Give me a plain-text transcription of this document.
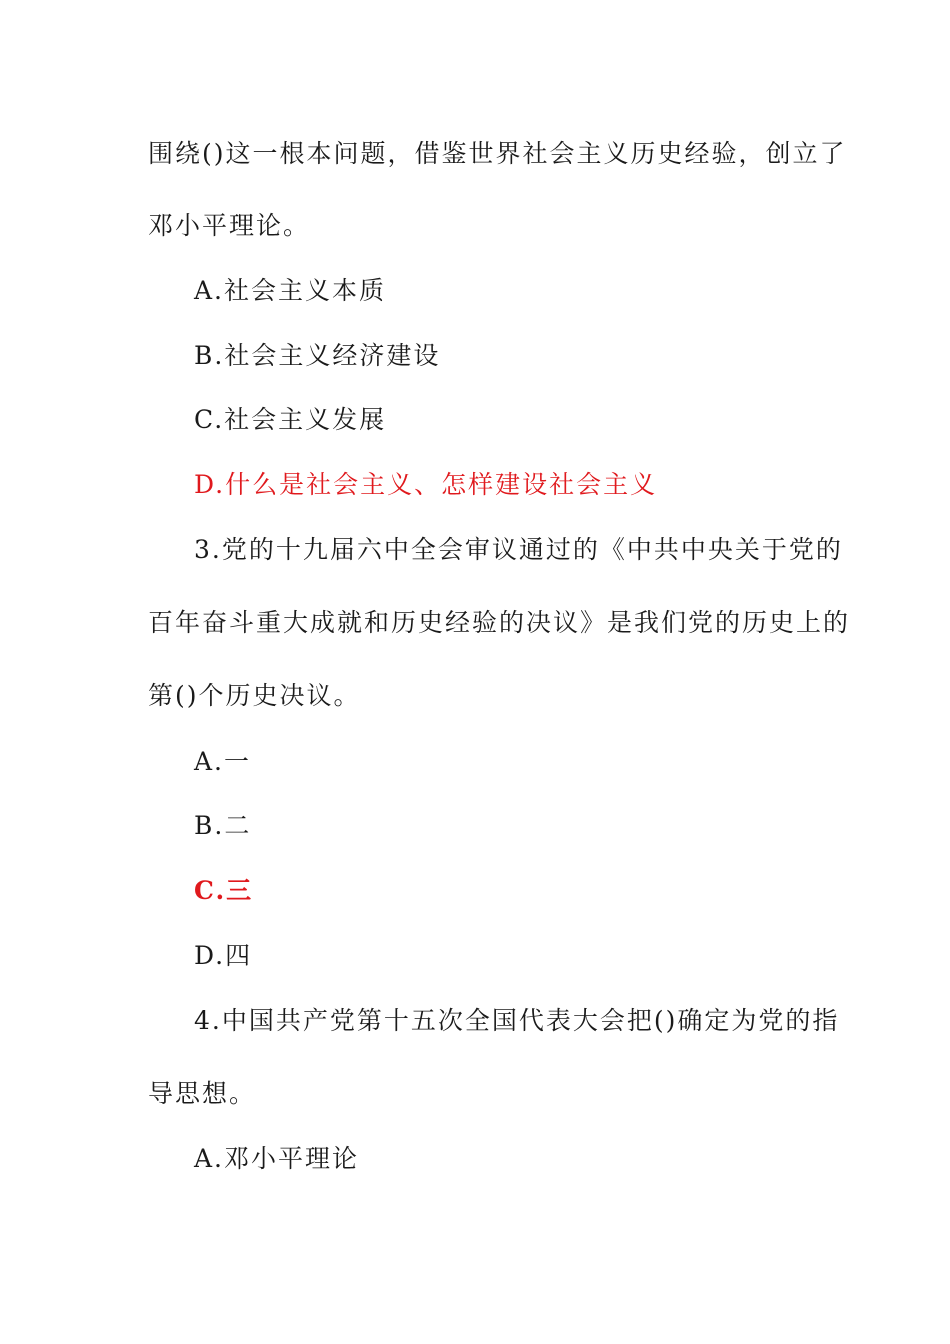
围绕()这一根本问题，借鉴世界社会主义历史经验，创立了
邓小平理论。
A.社会主义本质
B.社会主义经济建设
C.社会主义发展
D.什么是社会主义、怎样建设社会主义
3.党的十九届六中全会审议通过的《中共中央关于党的
百年奋斗重大成就和历史经验的决议》是我们党的历史上的
第()个历史决议。
A.一
B.二
C.三
D.四
4.中国共产党第十五次全国代表大会把()确定为党的指
导思想。
A.邓小平理论
